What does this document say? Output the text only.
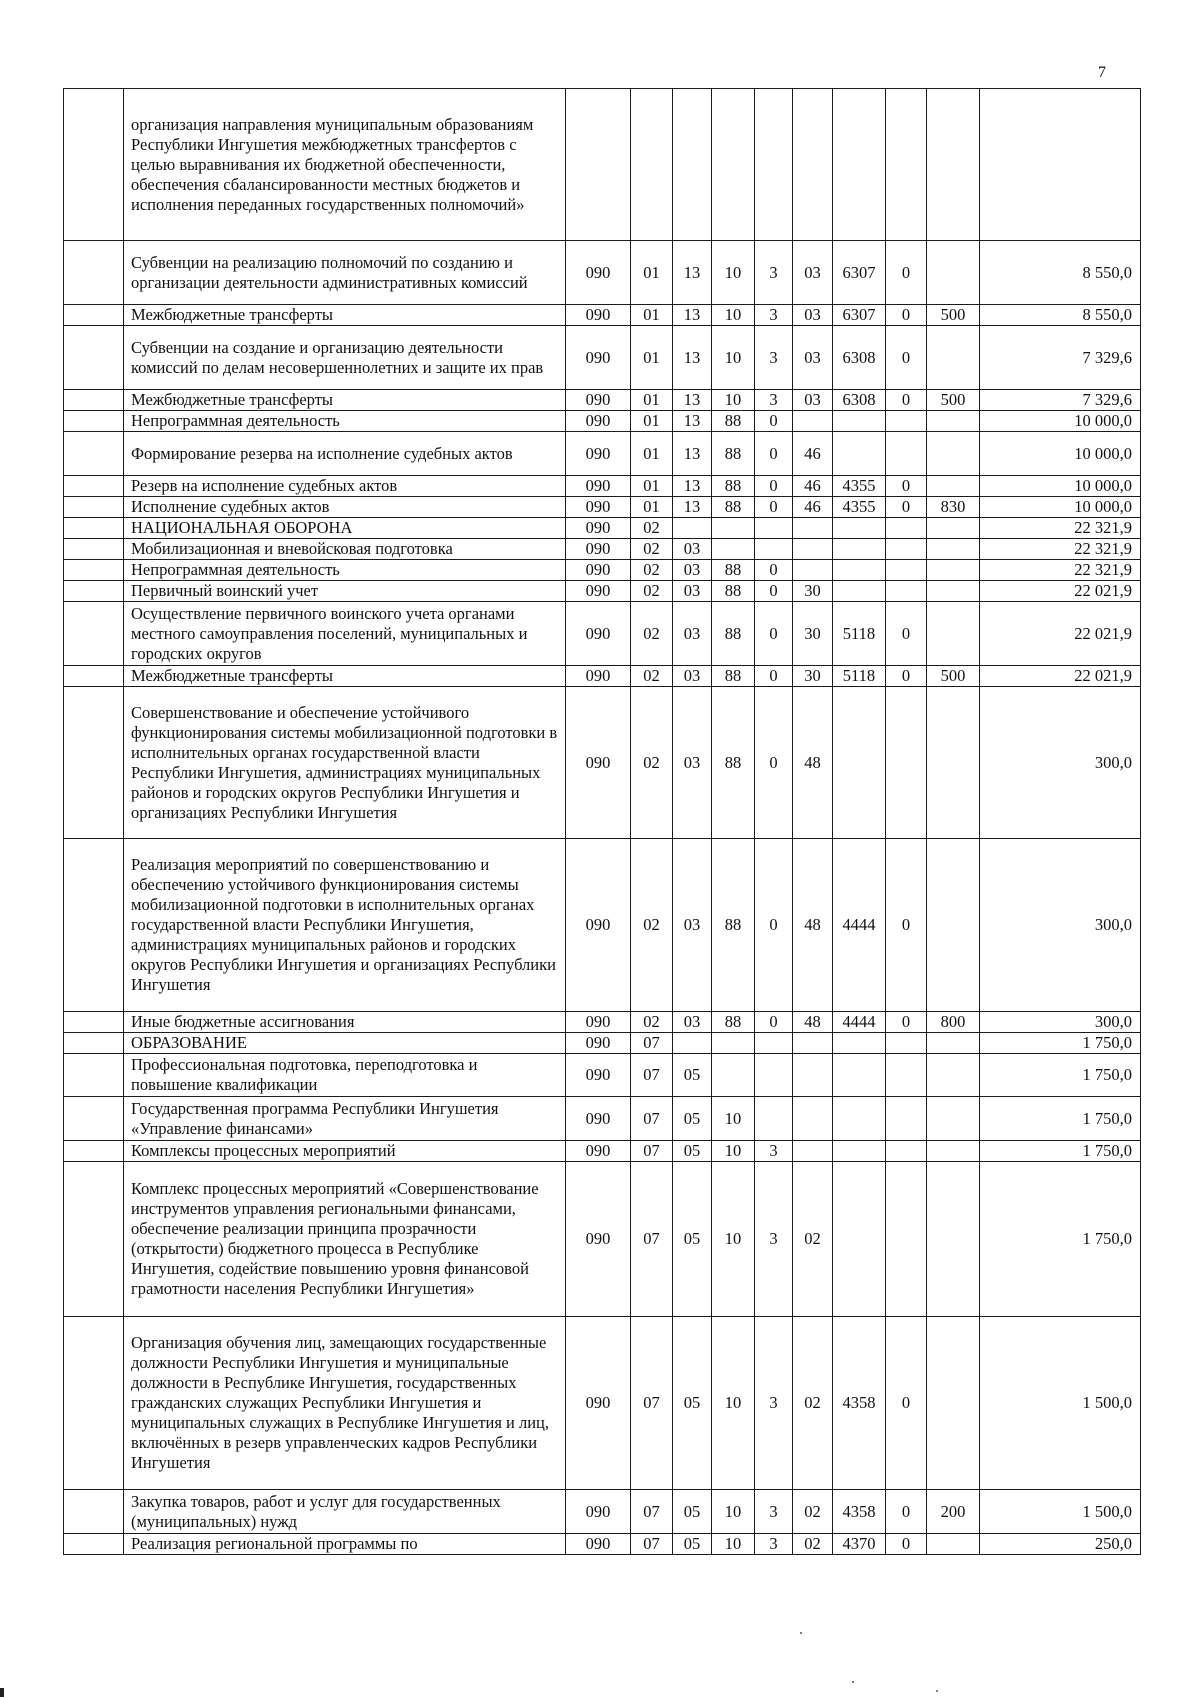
7
	организация направления муниципальным образованиям Республики Ингушетия межбюджетных трансфертов с целью выравнивания их бюджетной обеспеченности, обеспечения сбалансированности местных бюджетов и исполнения переданных государственных полномочий»										
	Субвенции на реализацию полномочий по созданию и организации деятельности административных комиссий	090	01	13	10	3	03	6307	0		8 550,0
	Межбюджетные трансферты	090	01	13	10	3	03	6307	0	500	8 550,0
	Субвенции на создание и организацию деятельности комиссий по делам несовершеннолетних и защите их прав	090	01	13	10	3	03	6308	0		7 329,6
	Межбюджетные трансферты	090	01	13	10	3	03	6308	0	500	7 329,6
	Непрограммная деятельность	090	01	13	88	0					10 000,0
	Формирование резерва на исполнение судебных актов	090	01	13	88	0	46				10 000,0
	Резерв на исполнение судебных актов	090	01	13	88	0	46	4355	0		10 000,0
	Исполнение судебных актов	090	01	13	88	0	46	4355	0	830	10 000,0
	НАЦИОНАЛЬНАЯ ОБОРОНА	090	02								22 321,9
	Мобилизационная и вневойсковая подготовка	090	02	03							22 321,9
	Непрограммная деятельность	090	02	03	88	0					22 321,9
	Первичный воинский учет	090	02	03	88	0	30				22 021,9
	Осуществление первичного воинского учета органами местного самоуправления поселений, муниципальных и городских округов	090	02	03	88	0	30	5118	0		22 021,9
	Межбюджетные трансферты	090	02	03	88	0	30	5118	0	500	22 021,9
	Совершенствование и обеспечение устойчивого функционирования системы мобилизационной подготовки в исполнительных органах государственной власти Республики Ингушетия, администрациях муниципальных районов и городских округов Республики Ингушетия и организациях Республики Ингушетия	090	02	03	88	0	48				300,0
	Реализация мероприятий по совершенствованию и обеспечению устойчивого функционирования системы мобилизационной подготовки в исполнительных органах государственной власти Республики Ингушетия, администрациях муниципальных районов и городских округов Республики Ингушетия и организациях Республики Ингушетия	090	02	03	88	0	48	4444	0		300,0
	Иные бюджетные ассигнования	090	02	03	88	0	48	4444	0	800	300,0
	ОБРАЗОВАНИЕ	090	07								1 750,0
	Профессиональная подготовка, переподготовка и повышение квалификации	090	07	05							1 750,0
	Государственная программа Республики Ингушетия «Управление финансами»	090	07	05	10						1 750,0
	Комплексы процессных мероприятий	090	07	05	10	3					1 750,0
	Комплекс процессных мероприятий «Совершенствование инструментов управления региональными финансами, обеспечение реализации принципа прозрачности (открытости) бюджетного процесса в Республике Ингушетия, содействие повышению уровня финансовой грамотности населения Республики Ингушетия»	090	07	05	10	3	02				1 750,0
	Организация обучения лиц, замещающих государственные должности Республики Ингушетия и муниципальные должности в Республике Ингушетия, государственных гражданских служащих Республики Ингушетия и муниципальных служащих в Республике Ингушетия и лиц, включённых в резерв управленческих кадров Республики Ингушетия	090	07	05	10	3	02	4358	0		1 500,0
	Закупка товаров, работ и услуг для государственных (муниципальных) нужд	090	07	05	10	3	02	4358	0	200	1 500,0
	Реализация региональной программы по	090	07	05	10	3	02	4370	0		250,0
